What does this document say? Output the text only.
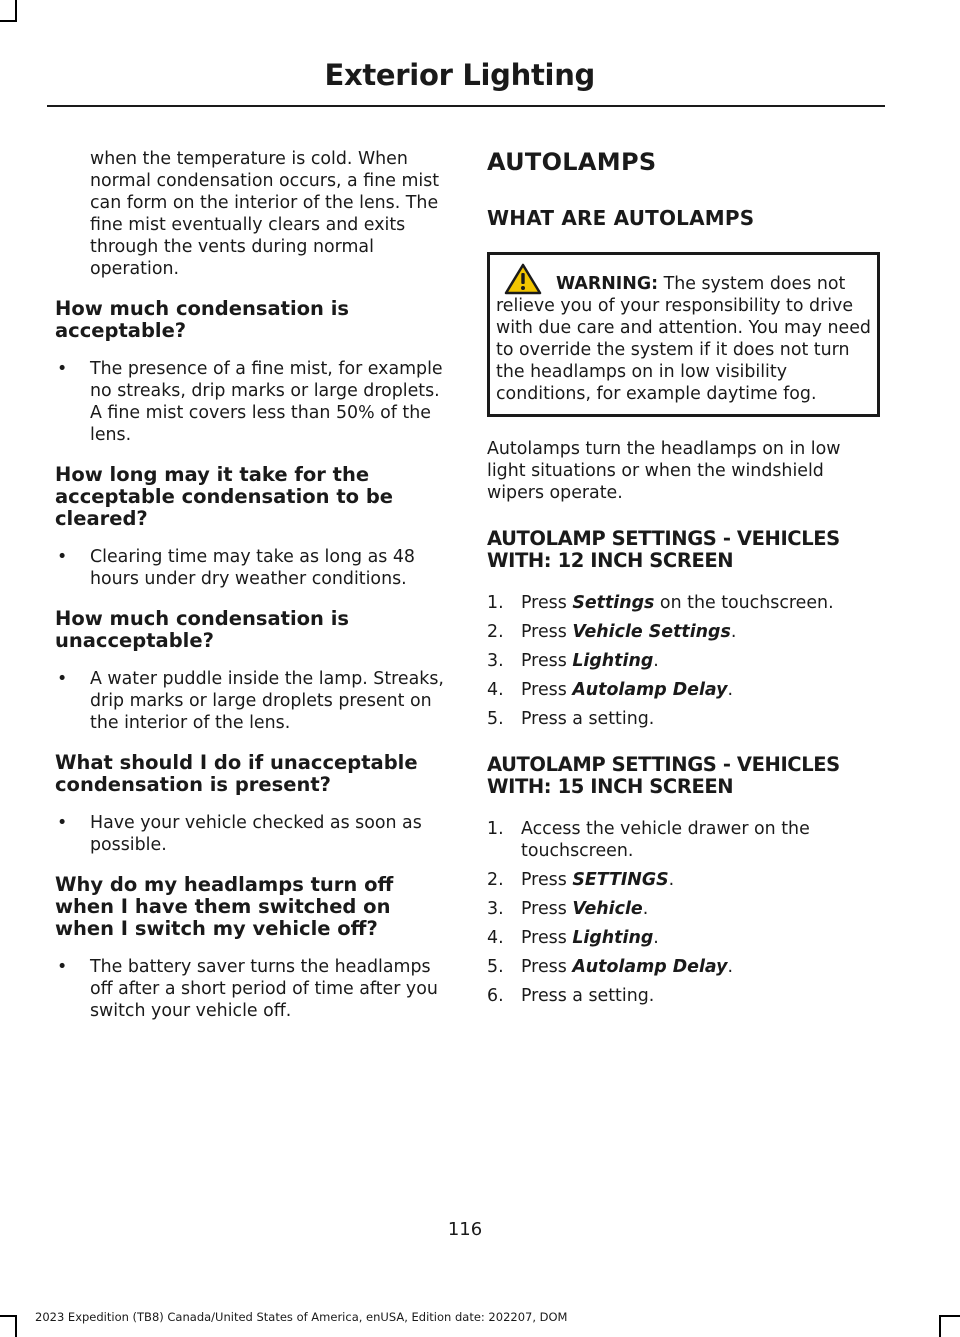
Exterior Lighting

when the temperature is cold. When normal condensation occurs, a fine mist can form on the interior of the lens. The fine mist eventually clears and exits through the vents during normal operation.

How much condensation is acceptable?
•	The presence of a fine mist, for example no streaks, drip marks or large droplets. A fine mist covers less than 50% of the lens.
How long may it take for the acceptable condensation to be cleared?
•	Clearing time may take as long as 48 hours under dry weather conditions.
How much condensation is unacceptable?
•	A water puddle inside the lamp. Streaks, drip marks or large droplets present on the interior of the lens.
What should I do if unacceptable condensation is present?
•	Have your vehicle checked as soon as possible.
Why do my headlamps turn off when I have them switched on when I switch my vehicle off?
•	The battery saver turns the headlamps off after a short period of time after you switch your vehicle off.
AUTOLAMPS
WHAT ARE AUTOLAMPS
WARNING: The system does not relieve you of your responsibility to drive with due care and attention. You may need to override the system if it does not turn the headlamps on in low visibility conditions, for example daytime fog.

Autolamps turn the headlamps on in low light situations or when the windshield wipers operate.

AUTOLAMP SETTINGS - VEHICLES WITH: 12 INCH SCREEN
1.	Press Settings on the touchscreen.
2.	Press Vehicle Settings.
3.	Press Lighting.
4.	Press Autolamp Delay.
5.	Press a setting.
AUTOLAMP SETTINGS - VEHICLES WITH: 15 INCH SCREEN
1.	Access the vehicle drawer on the touchscreen.
2.	Press SETTINGS.
3.	Press Vehicle.
4.	Press Lighting.
5.	Press Autolamp Delay.
6.	Press a setting.
116
2023 Expedition (TB8) Canada/United States of America, enUSA, Edition date: 202207, DOM
